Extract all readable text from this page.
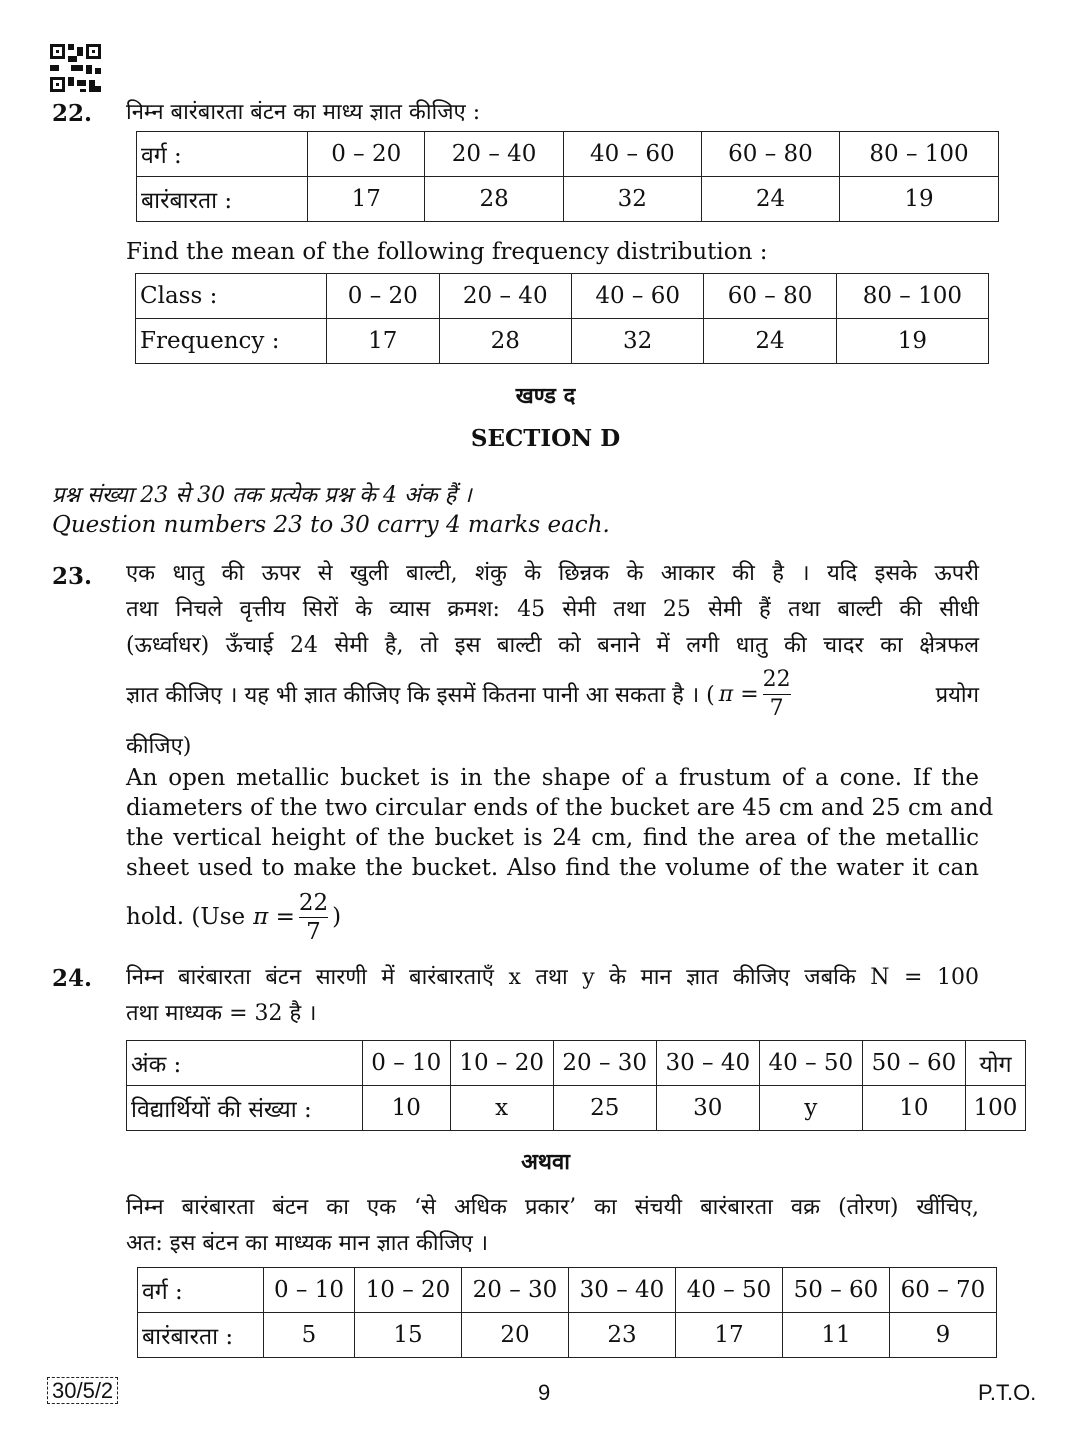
22. निम्न बारंबारता बंटन का माध्य ज्ञात कीजिए :
वर्ग :	0 – 20	20 – 40	40 – 60	60 – 80	80 – 100
बारंबारता :	17	28	32	24	19
Find the mean of the following frequency distribution :
Class :	0 – 20	20 – 40	40 – 60	60 – 80	80 – 100
Frequency :	17	28	32	24	19
खण्ड द
SECTION D
प्रश्न संख्या 23 से 30 तक प्रत्येक प्रश्न के 4 अंक हैं ।
Question numbers 23 to 30 carry 4 marks each.
23. एक धातु की ऊपर से खुली बाल्टी, शंकु के छिन्नक के आकार की है । यदि इसके ऊपरी
तथा निचले वृत्तीय सिरों के व्यास क्रमश: 45 सेमी तथा 25 सेमी हैं तथा बाल्टी की सीधी
(ऊर्ध्वाधर) ऊँचाई 24 सेमी है, तो इस बाल्टी को बनाने में लगी धातु की चादर का क्षेत्रफल
ज्ञात कीजिए । यह भी ज्ञात कीजिए कि इसमें कितना पानी आ सकता है । ( $\pi = \frac{22}{7}$	प्रयोग
कीजिए)
An open metallic bucket is in the shape of a frustum of a cone. If the
diameters of the two circular ends of the bucket are 45 cm and 25 cm and
the vertical height of the bucket is 24 cm, find the area of the metallic
sheet used to make the bucket. Also find the volume of the water it can
hold. (Use $\pi = \frac{22}{7}$ )
24. निम्न बारंबारता बंटन सारणी में बारंबारताएँ x तथा y के मान ज्ञात कीजिए जबकि N = 100
तथा माध्यक = 32 है ।
अंक :	0 – 10	10 – 20	20 – 30	30 – 40	40 – 50	50 – 60	योग
विद्यार्थियों की संख्या :	10	x	25	30	y	10	100
अथवा
निम्न बारंबारता बंटन का एक ‘से अधिक प्रकार’ का संचयी बारंबारता वक्र (तोरण) खींचिए,
अत: इस बंटन का माध्यक मान ज्ञात कीजिए ।
वर्ग :	0 – 10	10 – 20	20 – 30	30 – 40	40 – 50	50 – 60	60 – 70
बारंबारता :	5	15	20	23	17	11	9
30/5/2	9	P.T.O.
